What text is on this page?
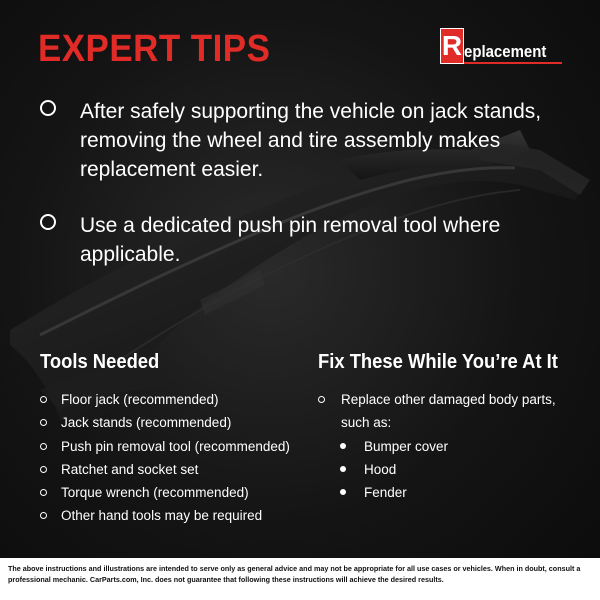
EXPERT TIPS	R eplacement
After safely supporting the vehicle on jack stands, removing the wheel and tire assembly makes replacement easier.
Use a dedicated push pin removal tool where applicable.
Tools Needed
Floor jack (recommended)
Jack stands (recommended)
Push pin removal tool (recommended)
Ratchet and socket set
Torque wrench (recommended)
Other hand tools may be required
Fix These While You’re At It
Replace other damaged body parts, such as:
Bumper cover
Hood
Fender

The above instructions and illustrations are intended to serve only as general advice and may not be appropriate for all use cases or vehicles. When in doubt, consult a professional mechanic. CarParts.com, Inc. does not guarantee that following these instructions will achieve the desired results.
